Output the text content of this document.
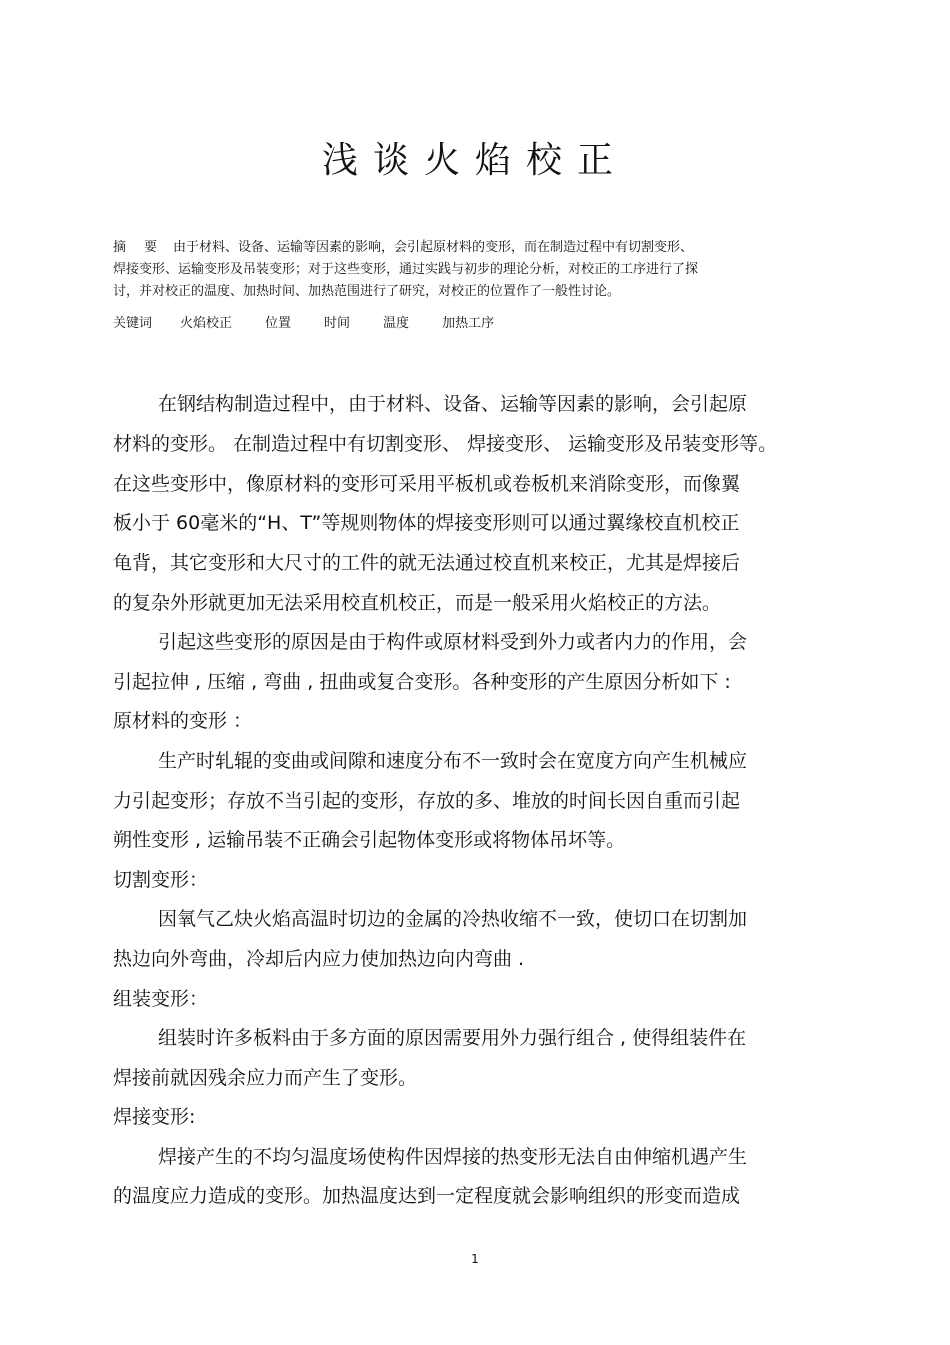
浅谈火焰校正
摘要由于材料、设备、运输等因素的影响，会引起原材料的变形，而在制造过程中有切割变形、
焊接变形、运输变形及吊装变形；对于这些变形，通过实践与初步的理论分析，对校正的工序进行了探
讨，并对校正的温度、加热时间、加热范围进行了研究，对校正的位置作了一般性讨论。
关键词 火焰校正	位置	时间	温度	加热工序
在钢结构制造过程中，由于材料、设备、运输等因素的影响，会引起原
材料的变形。 在制造过程中有切割变形、 焊接变形、 运输变形及吊装变形等。
在这些变形中，像原材料的变形可采用平板机或卷板机来消除变形，而像翼
板小于 60毫米的“H、T”等规则物体的焊接变形则可以通过翼缘校直机校正
龟背，其它变形和大尺寸的工件的就无法通过校直机来校正，尤其是焊接后
的复杂外形就更加无法采用校直机校正，而是一般采用火焰校正的方法。
引起这些变形的原因是由于构件或原材料受到外力或者内力的作用，会
引起拉伸 , 压缩 , 弯曲 , 扭曲或复合变形。各种变形的产生原因分析如下 :
原材料的变形 ：
生产时轧辊的变曲或间隙和速度分布不一致时会在宽度方向产生机械应
力引起变形；存放不当引起的变形，存放的多、堆放的时间长因自重而引起
朔性变形 , 运输吊装不正确会引起物体变形或将物体吊坏等。
切割变形：
因氧气乙炔火焰高温时切边的金属的冷热收缩不一致，使切口在切割加
热边向外弯曲，冷却后内应力使加热边向内弯曲 .
组装变形：
组装时许多板料由于多方面的原因需要用外力强行组合 , 使得组装件在
焊接前就因残余应力而产生了变形。
焊接变形:
焊接产生的不均匀温度场使构件因焊接的热变形无法自由伸缩机遇产生
的温度应力造成的变形。加热温度达到一定程度就会影响组织的形变而造成
1
